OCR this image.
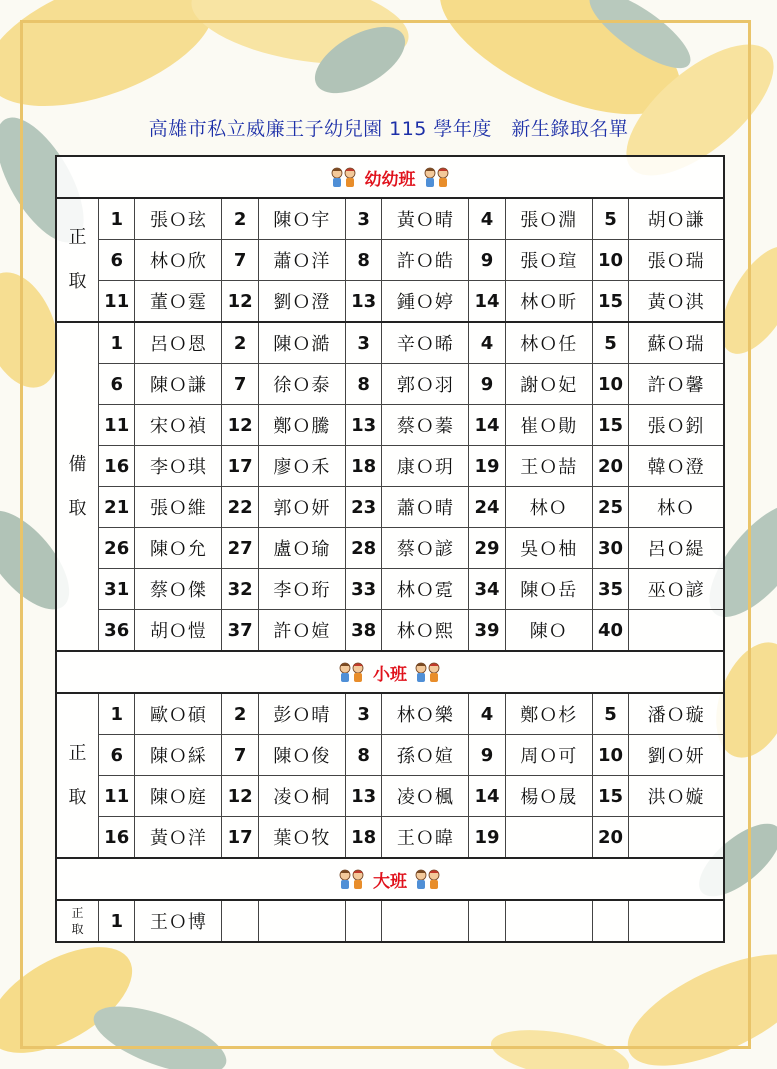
高雄市私立威廉王子幼兒園 115 學年度　新生錄取名單
幼幼班										

正
取	1	張Ｏ玹	2	陳Ｏ宇	3	黃Ｏ晴	4	張Ｏ淵	5	胡Ｏ謙
	6	林Ｏ欣	7	蕭Ｏ洋	8	許Ｏ皓	9	張Ｏ瑄	10	張Ｏ瑞
	11	董Ｏ霆	12	劉Ｏ澄	13	鍾Ｏ婷	14	林Ｏ昕	15	黃Ｏ淇

備
取	1	呂Ｏ恩	2	陳Ｏ澔	3	辛Ｏ晞	4	林Ｏ任	5	蘇Ｏ瑞
	6	陳Ｏ謙	7	徐Ｏ泰	8	郭Ｏ羽	9	謝Ｏ妃	10	許Ｏ馨
	11	宋Ｏ禎	12	鄭Ｏ騰	13	蔡Ｏ蓁	14	崔Ｏ勛	15	張Ｏ鈏
	16	李Ｏ琪	17	廖Ｏ禾	18	康Ｏ玥	19	王Ｏ喆	20	韓Ｏ澄
	21	張Ｏ維	22	郭Ｏ妍	23	蕭Ｏ晴	24	林Ｏ	25	林Ｏ
	26	陳Ｏ允	27	盧Ｏ瑜	28	蔡Ｏ諺	29	吳Ｏ柚	30	呂Ｏ緹
	31	蔡Ｏ傑	32	李Ｏ珩	33	林Ｏ霓	34	陳Ｏ岳	35	巫Ｏ諺
	36	胡Ｏ愷	37	許Ｏ媗	38	林Ｏ熙	39	陳Ｏ	40	
小班										

正
取	1	歐Ｏ碩	2	彭Ｏ晴	3	林Ｏ樂	4	鄭Ｏ杉	5	潘Ｏ璇
	6	陳Ｏ綵	7	陳Ｏ俊	8	孫Ｏ媗	9	周Ｏ可	10	劉Ｏ妍
	11	陳Ｏ庭	12	凌Ｏ桐	13	凌Ｏ楓	14	楊Ｏ晟	15	洪Ｏ嫙
	16	黃Ｏ洋	17	葉Ｏ牧	18	王Ｏ暐	19		20	
大班										

正
取	1	王Ｏ博								
